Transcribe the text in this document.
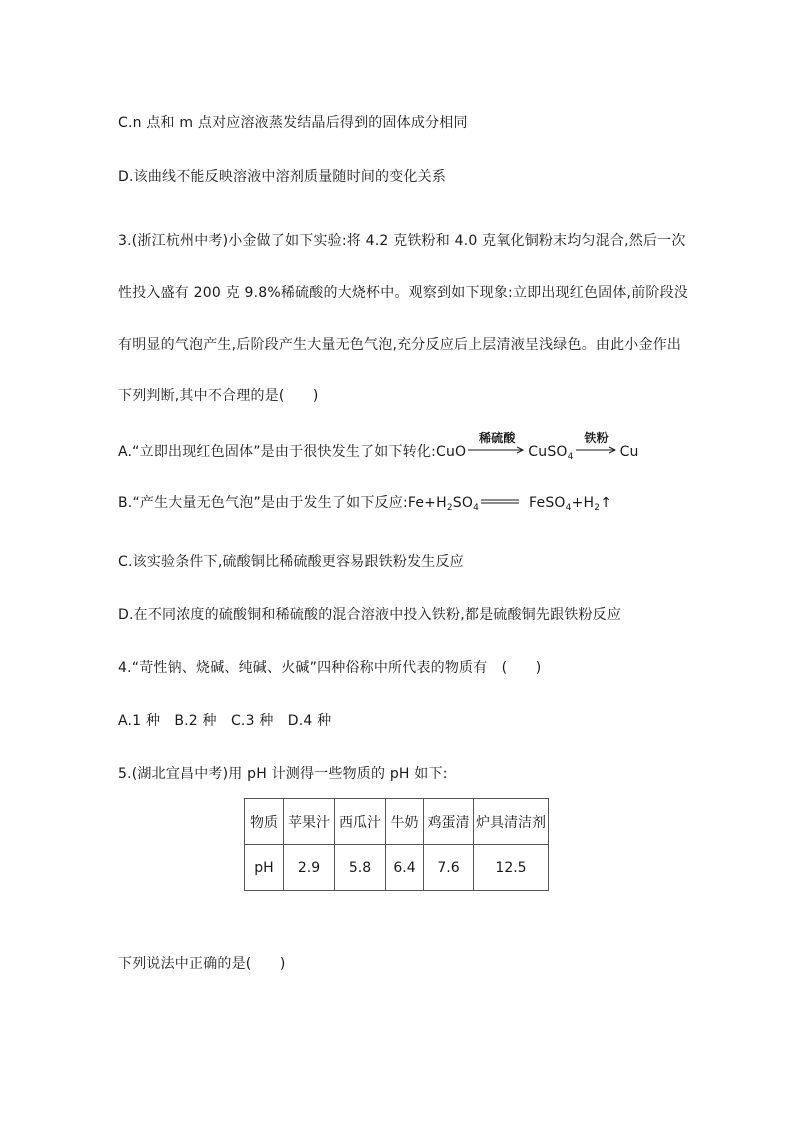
C.n 点和 m 点对应溶液蒸发结晶后得到的固体成分相同
D.该曲线不能反映溶液中溶剂质量随时间的变化关系
3.(浙江杭州中考)小金做了如下实验:将 4.2 克铁粉和 4.0 克氧化铜粉末均匀混合,然后一次
性投入盛有 200 克 9.8%稀硫酸的大烧杯中。观察到如下现象:立即出现红色固体,前阶段没
有明显的气泡产生,后阶段产生大量无色气泡,充分反应后上层清液呈浅绿色。由此小金作出
下列判断,其中不合理的是(　　)
A.“立即出现红色固体”是由于很快发生了如下转化:CuO
稀硫酸
CuSO$_4$
铁粉
Cu
B.“产生大量无色气泡”是由于发生了如下反应$:Fe+H_2SO_4$	$FeSO_4+H_2↑$
C.该实验条件下,硫酸铜比稀硫酸更容易跟铁粉发生反应
D.在不同浓度的硫酸铜和稀硫酸的混合溶液中投入铁粉,都是硫酸铜先跟铁粉反应
4.“苛性钠、烧碱、纯碱、火碱”四种俗称中所代表的物质有　(　　)
A.1 种　B.2 种　C.3 种　D.4 种
5.(湖北宜昌中考)用 pH 计测得一些物质的 pH 如下:
物质	苹果汁	西瓜汁	牛奶	鸡蛋清	炉具清洁剂
pH	2.9	5.8	6.4	7.6	12.5
下列说法中正确的是(　　)
